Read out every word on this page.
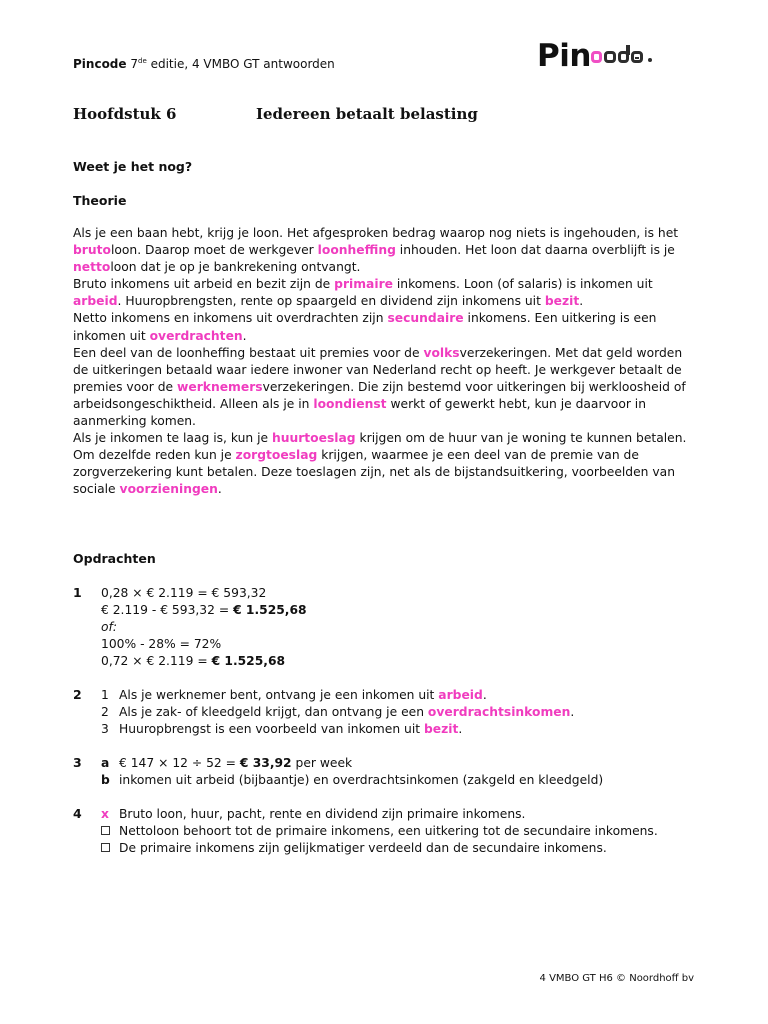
Pincode 7de editie, 4 VMBO GT antwoorden	Pin
Hoofdstuk 6	Iedereen betaalt belasting
Weet je het nog?
Theorie

Als je een baan hebt, krijg je loon. Het afgesproken bedrag waarop nog niets is ingehouden, is het brutoloon. Daarop moet de werkgever loonheffing inhouden. Het loon dat daarna overblijft is je nettoloon dat je op je bankrekening ontvangt.

Bruto inkomens uit arbeid en bezit zijn de primaire inkomens. Loon (of salaris) is inkomen uit arbeid. Huuropbrengsten, rente op spaargeld en dividend zijn inkomens uit bezit.

Netto inkomens en inkomens uit overdrachten zijn secundaire inkomens. Een uitkering is een inkomen uit overdrachten.

Een deel van de loonheffing bestaat uit premies voor de volksverzekeringen. Met dat geld worden de uitkeringen betaald waar iedere inwoner van Nederland recht op heeft. Je werkgever betaalt de premies voor de werknemersverzekeringen. Die zijn bestemd voor uitkeringen bij werkloosheid of arbeidsongeschiktheid. Alleen als je in loondienst werkt of gewerkt hebt, kun je daarvoor in aanmerking komen.

Als je inkomen te laag is, kun je huurtoeslag krijgen om de huur van je woning te kunnen betalen. Om dezelfde reden kun je zorgtoeslag krijgen, waarmee je een deel van de premie van de zorgverzekering kunt betalen. Deze toeslagen zijn, net als de bijstandsuitkering, voorbeelden van sociale voorzieningen.

Opdrachten
1 0,28 × € 2.119 = € 593,32
€ 2.119 - € 593,32 = € 1.525,68
of:
100% - 28% = 72%
0,72 × € 2.119 = € 1.525,68
2 1 Als je werknemer bent, ontvang je een inkomen uit arbeid.
2 Als je zak- of kleedgeld krijgt, dan ontvang je een overdrachtsinkomen.
3 Huuropbrengst is een voorbeeld van inkomen uit bezit.
3 a € 147 × 12 ÷ 52 = € 33,92 per week
b inkomen uit arbeid (bijbaantje) en overdrachtsinkomen (zakgeld en kleedgeld)
4 x Bruto loon, huur, pacht, rente en dividend zijn primaire inkomens.
Nettoloon behoort tot de primaire inkomens, een uitkering tot de secundaire inkomens.
De primaire inkomens zijn gelijkmatiger verdeeld dan de secundaire inkomens.
4 VMBO GT H6 © Noordhoff bv
